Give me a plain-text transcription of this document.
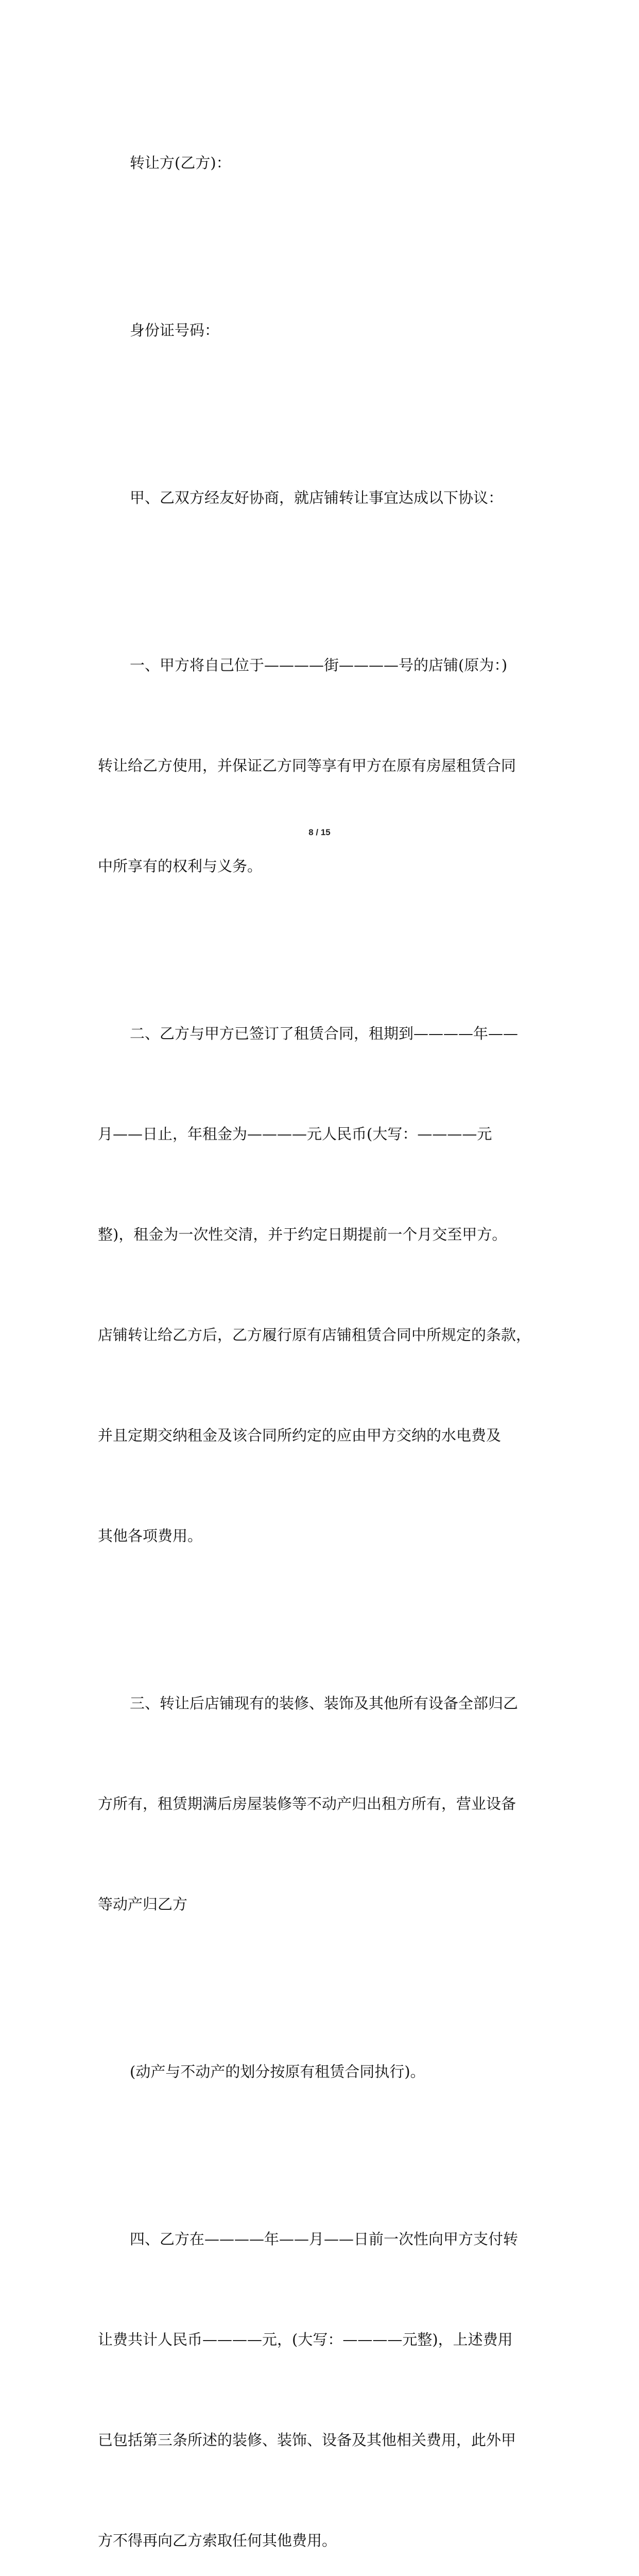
转让方(乙方)：

身份证号码：

甲、乙双方经友好协商，就店铺转让事宜达成以下协议：

一、甲方将自己位于————街————号的店铺(原为：)

转让给乙方使用，并保证乙方同等享有甲方在原有房屋租赁合同

中所享有的权利与义务。

二、乙方与甲方已签订了租赁合同，租期到————年——

月——日止，年租金为————元人民币(大写：————元

整)，租金为一次性交清，并于约定日期提前一个月交至甲方。

店铺转让给乙方后，乙方履行原有店铺租赁合同中所规定的条款，

并且定期交纳租金及该合同所约定的应由甲方交纳的水电费及

其他各项费用。

三、转让后店铺现有的装修、装饰及其他所有设备全部归乙

方所有，租赁期满后房屋装修等不动产归出租方所有，营业设备

等动产归乙方

(动产与不动产的划分按原有租赁合同执行)。

四、乙方在————年——月——日前一次性向甲方支付转

让费共计人民币————元，(大写：————元整)，上述费用

已包括第三条所述的装修、装饰、设备及其他相关费用，此外甲

方不得再向乙方索取任何其他费用。

8 / 15
